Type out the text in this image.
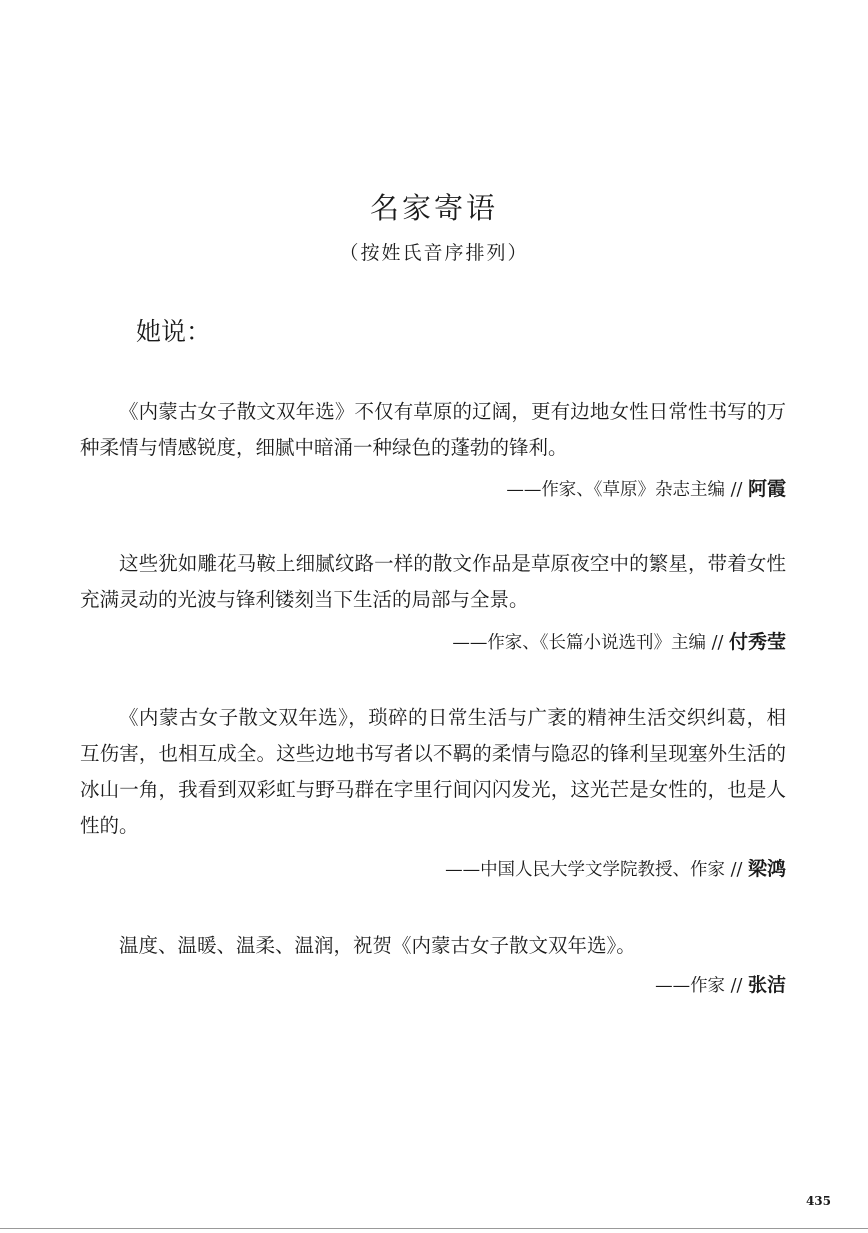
名家寄语
（按姓氏音序排列）
她说：
《内蒙古女子散文双年选》不仅有草原的辽阔，更有边地女性日常性书写的万种柔情与情感锐度，细腻中暗涌一种绿色的蓬勃的锋利。
——作家、《草原》杂志主编 // 阿霞
这些犹如雕花马鞍上细腻纹路一样的散文作品是草原夜空中的繁星，带着女性充满灵动的光波与锋利镂刻当下生活的局部与全景。
——作家、《长篇小说选刊》主编 // 付秀莹
《内蒙古女子散文双年选》，琐碎的日常生活与广袤的精神生活交织纠葛，相互伤害，也相互成全。这些边地书写者以不羁的柔情与隐忍的锋利呈现塞外生活的冰山一角，我看到双彩虹与野马群在字里行间闪闪发光，这光芒是女性的，也是人性的。
——中国人民大学文学院教授、作家 // 梁鸿
温度、温暖、温柔、温润，祝贺《内蒙古女子散文双年选》。
——作家 // 张洁
435
